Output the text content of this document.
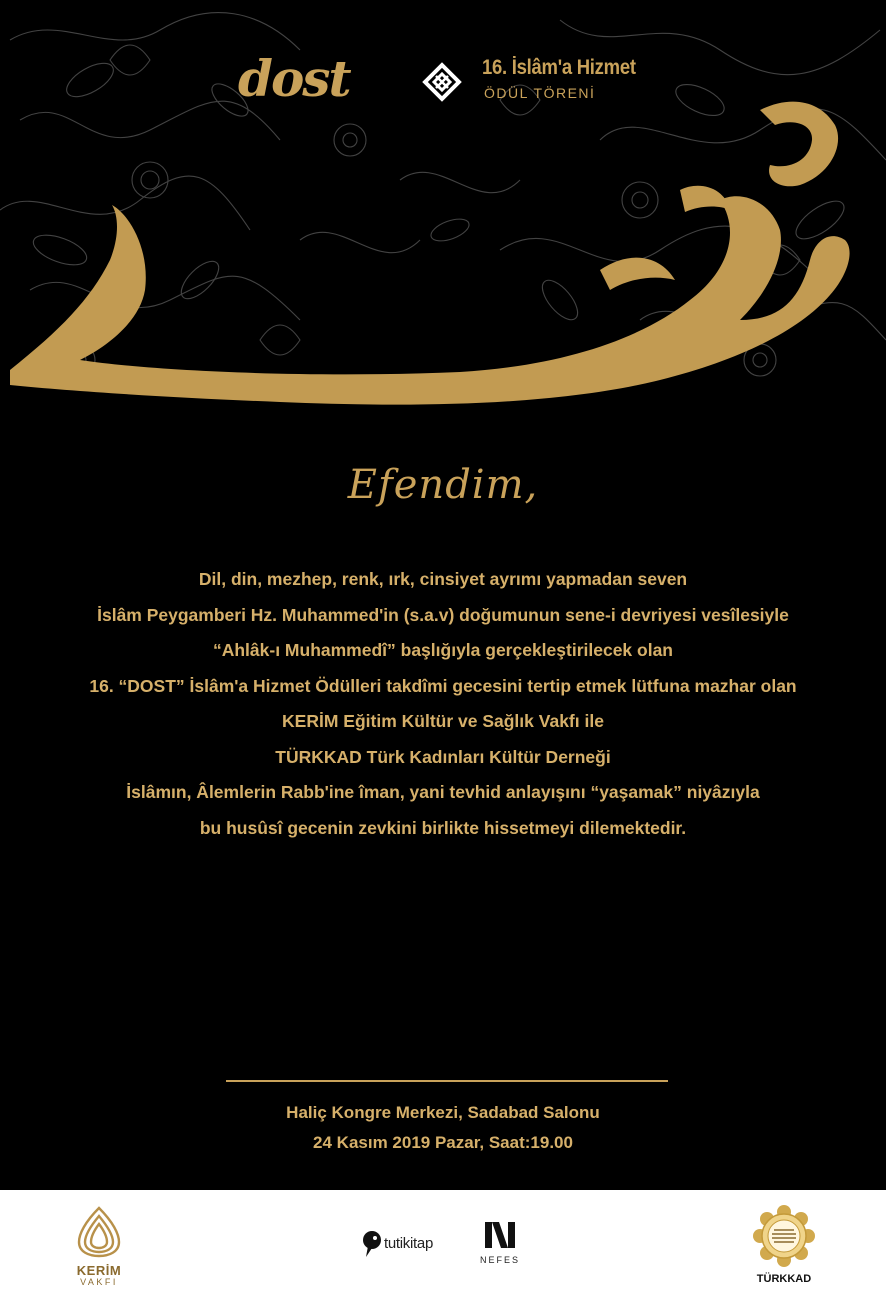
dost	16. İslâm'a Hizmet
ÖDÜL TÖRENİ
Efendim,
Dil, din, mezhep, renk, ırk, cinsiyet ayrımı yapmadan seven
İslâm Peygamberi Hz. Muhammed'in (s.a.v) doğumunun sene-i devriyesi vesîlesiyle
“Ahlâk-ı Muhammedî” başlığıyla gerçekleştirilecek olan
16. “DOST” İslâm'a Hizmet Ödülleri takdîmi gecesini tertip etmek lütfuna mazhar olan
KERİM Eğitim Kültür ve Sağlık Vakfı ile
TÜRKKAD Türk Kadınları Kültür Derneği
İslâmın, Âlemlerin Rabb'ine îman, yani tevhid anlayışını “yaşamak” niyâzıyla
bu husûsî gecenin zevkini birlikte hissetmeyi dilemektedir.
Haliç Kongre Merkezi, Sadabad Salonu
24 Kasım 2019 Pazar, Saat:19.00
KERİM
VAKFI
tutikitap
NEFES
TÜRKKAD
